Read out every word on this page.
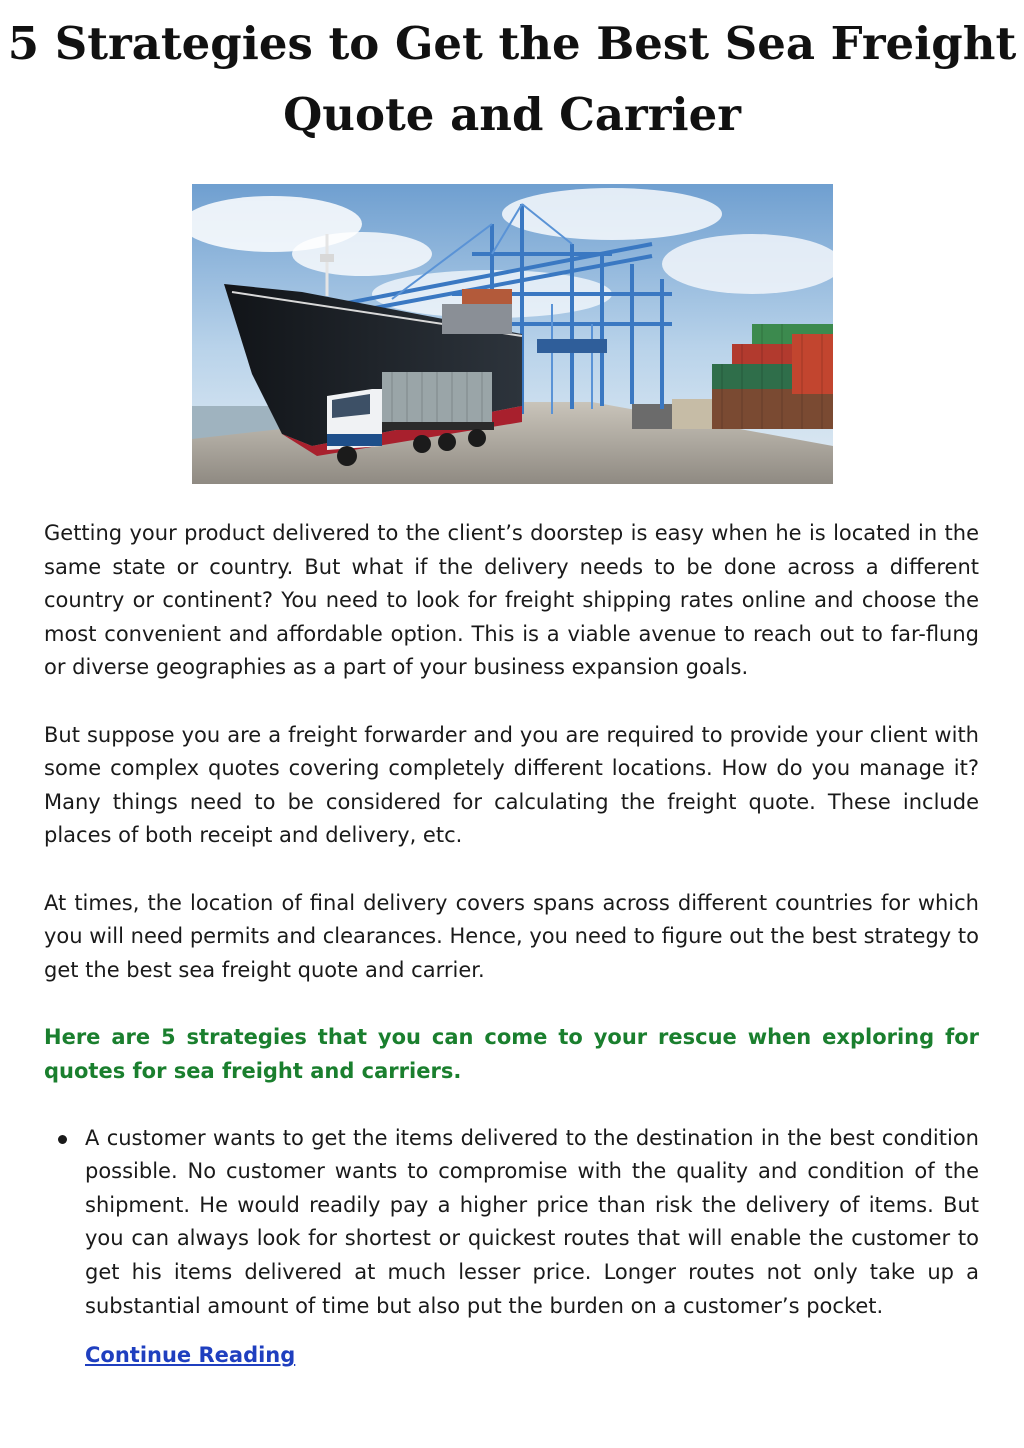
5 Strategies to Get the Best Sea Freight Quote and Carrier

Getting your product delivered to the client’s doorstep is easy when he is located in the same state or country. But what if the delivery needs to be done across a different country or continent? You need to look for freight shipping rates online and choose the most convenient and affordable option. This is a viable avenue to reach out to far-flung or diverse geographies as a part of your business expansion goals.

But suppose you are a freight forwarder and you are required to provide your client with some complex quotes covering completely different locations. How do you manage it? Many things need to be considered for calculating the freight quote. These include places of both receipt and delivery, etc.

At times, the location of final delivery covers spans across different countries for which you will need permits and clearances. Hence, you need to figure out the best strategy to get the best sea freight quote and carrier.

Here are 5 strategies that you can come to your rescue when exploring for quotes for sea freight and carriers.

A customer wants to get the items delivered to the destination in the best condition possible. No customer wants to compromise with the quality and condition of the shipment. He would readily pay a higher price than risk the delivery of items. But you can always look for shortest or quickest routes that will enable the customer to get his items delivered at much lesser price. Longer routes not only take up a substantial amount of time but also put the burden on a customer’s pocket.
Continue Reading
